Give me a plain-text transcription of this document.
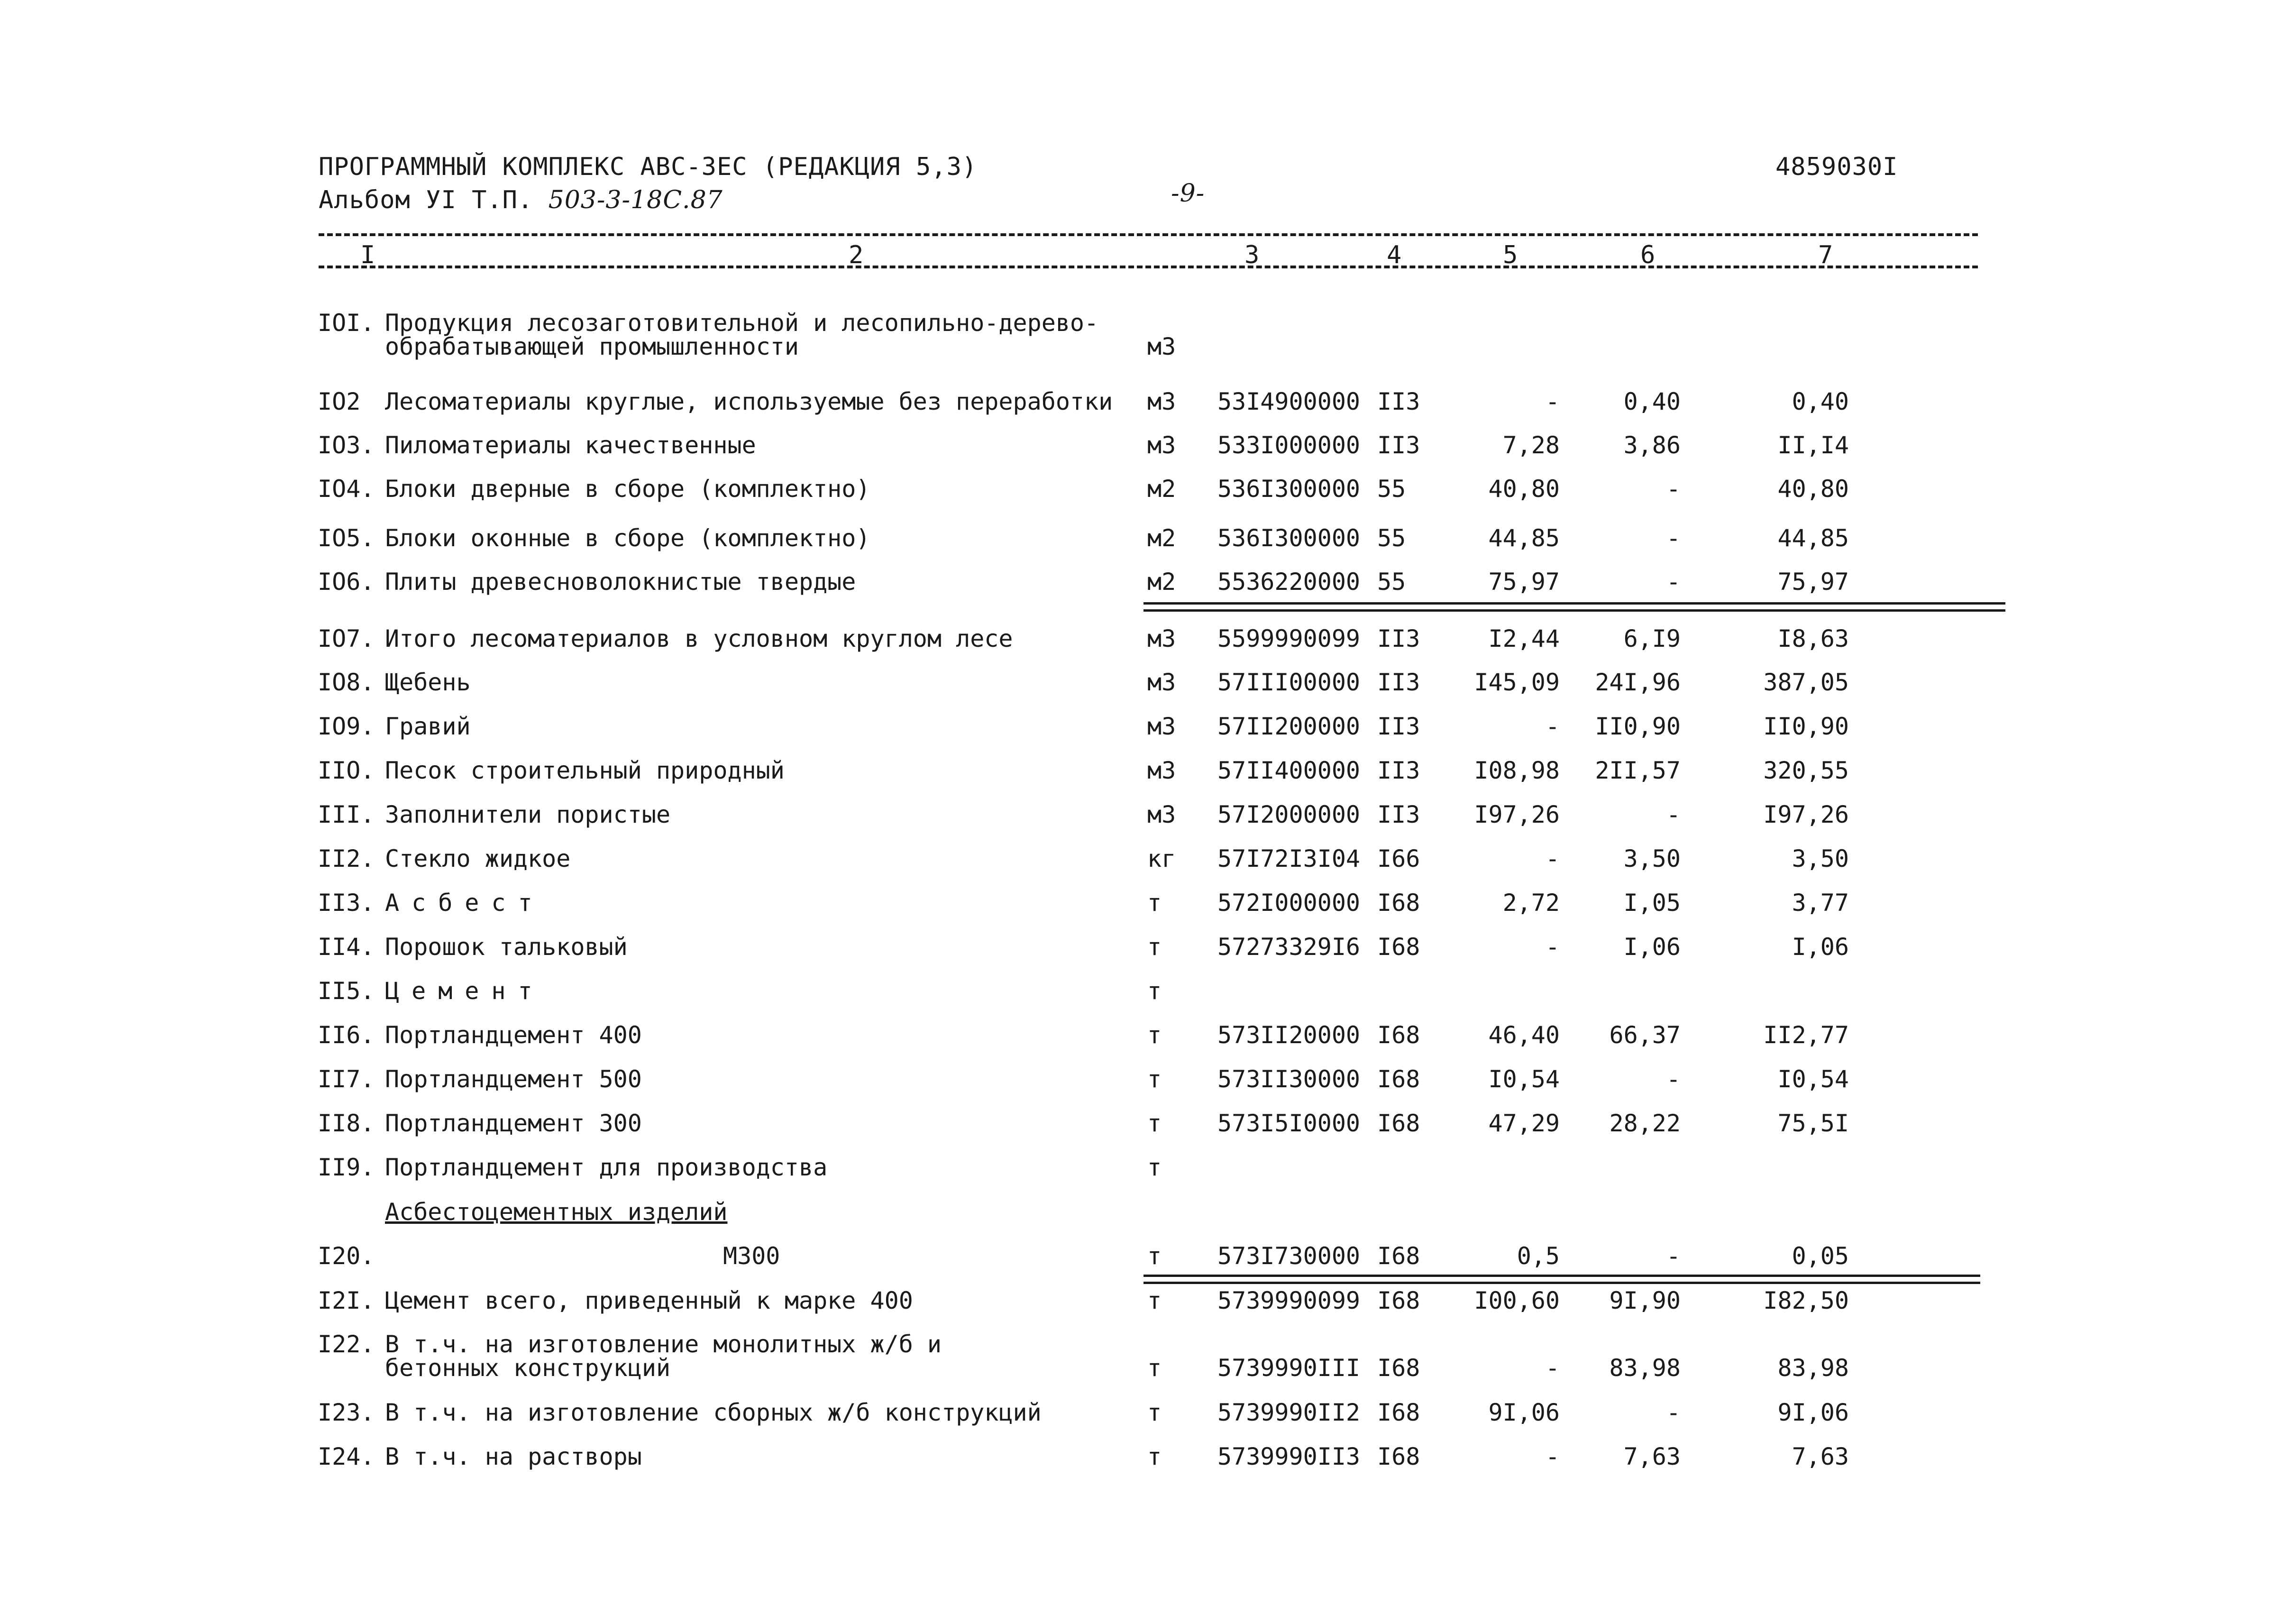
ПРОГРАММНЫЙ КОМПЛЕКС АВС-ЗЕС (РЕДАКЦИЯ 5,3)
Альбом УI Т.П. 503-3-18С.87	-9-
4859030I
I	2	3	4	5	6	7
IOI. Продукция лесозаготовительной и лесопильно-дерево-
обрабатывающей промышленности	м3
IO2 Лесоматериалы круглые, используемые без переработки м3 53I4900000 II3	-	0,40	0,40
IO3. Пиломатериалы качественные	м3 533I000000 II3	7,28	3,86	II,I4
IO4. Блоки дверные в сборе (комплектно)	м2 536I300000 55	40,80	-	40,80
IO5. Блоки оконные в сборе (комплектно)	м2 536I300000 55	44,85	-	44,85
IO6. Плиты древесноволокнистые твердые	м2 5536220000 55	75,97	-	75,97
IO7. Итого лесоматериалов в условном круглом лесе	м3 5599990099 II3	I2,44	6,I9	I8,63
IO8. Щебень	м3 57III00000 II3 I45,09	24I,96	387,05
IO9. Гравий	м3 57II200000 II3	-	II0,90	II0,90
IIO. Песок строительный природный	м3 57II400000 II3 I08,98	2II,57	320,55
III. Заполнители пористые	м3 57I2000000 II3 I97,26	-	I97,26
II2. Стекло жидкое	кг 57I72I3I04 I66	-	3,50	3,50
II3. Асбест	т 572I000000 I68	2,72	I,05	3,77
II4. Порошок тальковый	т 57273329I6 I68	-	I,06	I,06
II5. Цемент	т
II6. Портландцемент 400	т 573II20000 I68	46,40	66,37	II2,77
II7. Портландцемент 500	т 573II30000 I68	I0,54	-	I0,54
II8. Портландцемент 300	т 573I5I0000 I68	47,29	28,22	75,5I
II9. Портландцемент для производства	т
Асбестоцементных изделий
I20.	М300	т 573I730000 I68	0,5	-	0,05
I2I. Цемент всего, приведенный к марке 400	т 5739990099 I68 I00,60	9I,90	I82,50
I22. В т.ч. на изготовление монолитных ж/б и
бетонных конструкций	т 5739990III I68	-	83,98	83,98
I23. В т.ч. на изготовление сборных ж/б конструкций	т 5739990II2 I68	9I,06	-	9I,06
I24. В т.ч. на растворы	т 5739990II3 I68	-	7,63	7,63
